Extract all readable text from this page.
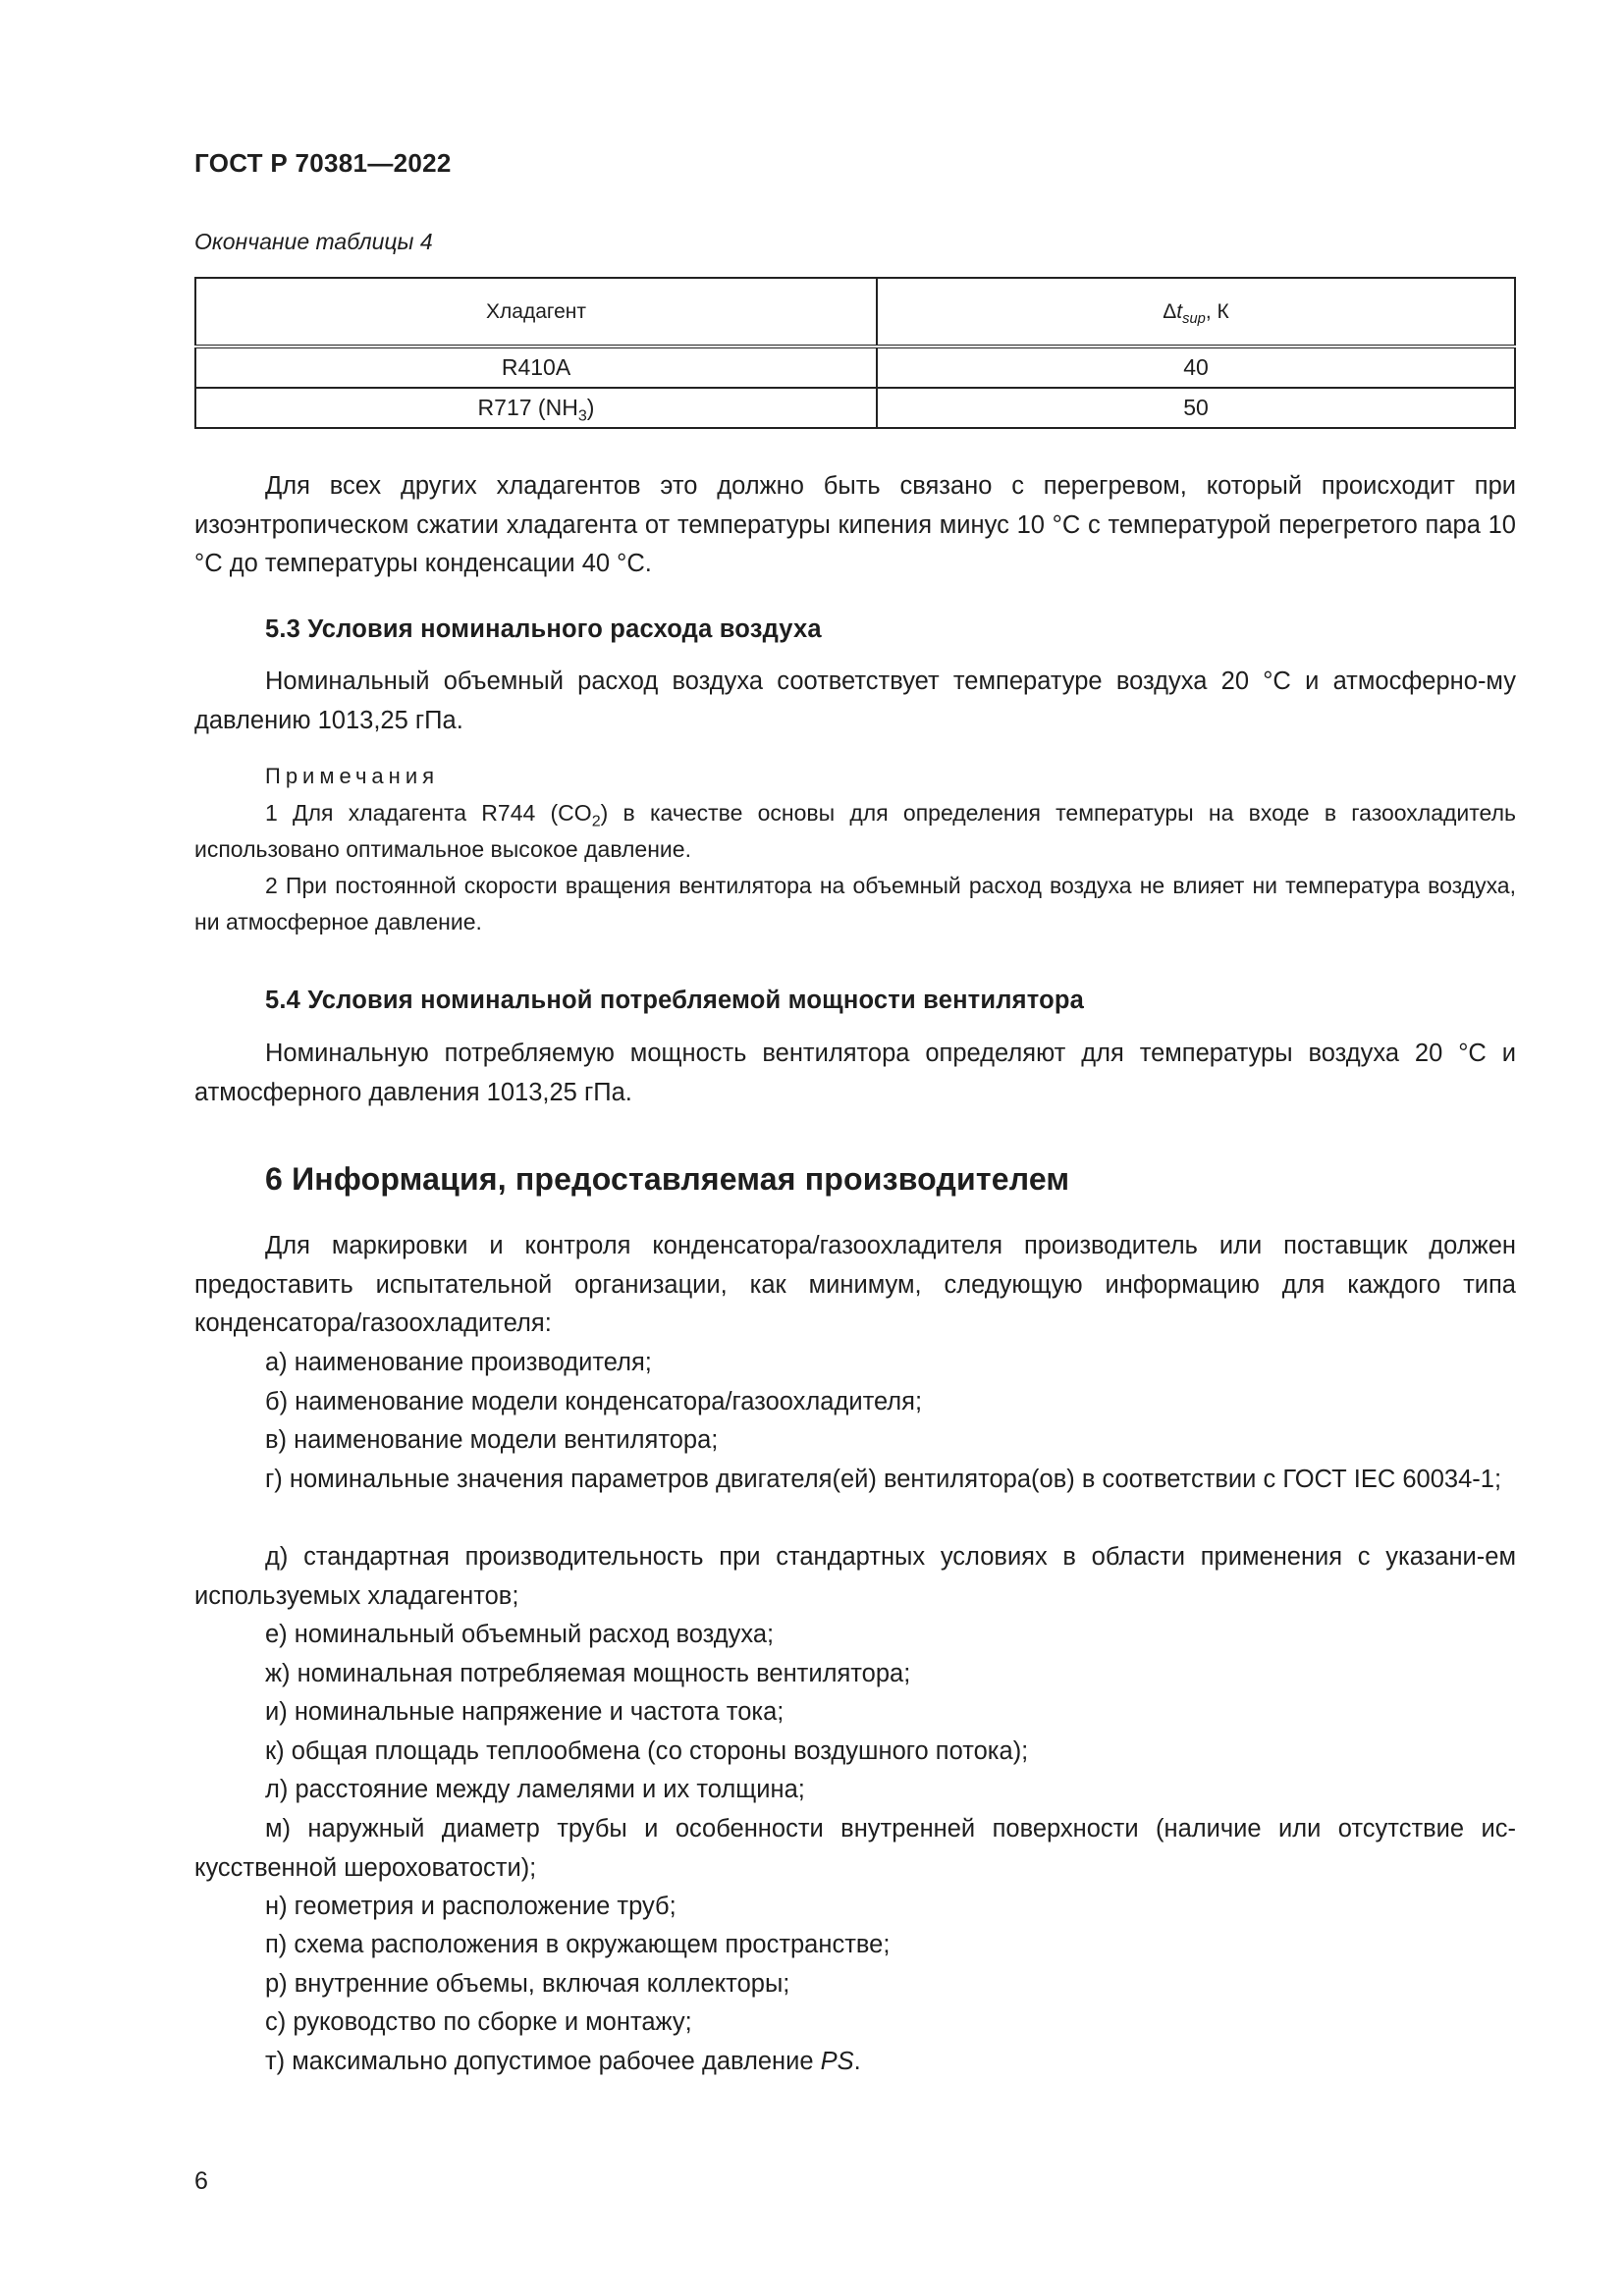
ГОСТ Р 70381—2022
Окончание таблицы 4
Хладагент	$\Delta t_{sup}$, К
R410A	40
R717 $(NH_3)$	50
Для всех других хладагентов это должно быть связано с перегревом, который происходит при изоэнтропическом сжатии хладагента от температуры кипения минус 10 °С с температурой перегретого пара 10 °С до температуры конденсации 40 °С.
5.3 Условия номинального расхода воздуха
Номинальный объемный расход воздуха соответствует температуре воздуха 20 °С и атмосферно-му давлению 1013,25 гПа.
Примечания
1 Для хладагента R744 $(CO_2)$ в качестве основы для определения температуры на входе в газоохладитель использовано оптимальное высокое давление.
2 При постоянной скорости вращения вентилятора на объемный расход воздуха не влияет ни температура воздуха, ни атмосферное давление.
5.4 Условия номинальной потребляемой мощности вентилятора
Номинальную потребляемую мощность вентилятора определяют для температуры воздуха 20 °С и атмосферного давления 1013,25 гПа.
6 Информация, предоставляемая производителем
Для маркировки и контроля конденсатора/газоохладителя производитель или поставщик должен предоставить испытательной организации, как минимум, следующую информацию для каждого типа конденсатора/газоохладителя:
а) наименование производителя;
б) наименование модели конденсатора/газоохладителя;
в) наименование модели вентилятора;
г) номинальные значения параметров двигателя(ей) вентилятора(ов) в соответствии с ГОСТ IEC 60034-1;
д) стандартная производительность при стандартных условиях в области применения с указани-ем используемых хладагентов;
е) номинальный объемный расход воздуха;
ж) номинальная потребляемая мощность вентилятора;
и) номинальные напряжение и частота тока;
к) общая площадь теплообмена (со стороны воздушного потока);
л) расстояние между ламелями и их толщина;
м) наружный диаметр трубы и особенности внутренней поверхности (наличие или отсутствие ис-кусственной шероховатости);
н) геометрия и расположение труб;
п) схема расположения в окружающем пространстве;
р) внутренние объемы, включая коллекторы;
с) руководство по сборке и монтажу;
т) максимально допустимое рабочее давление PS.
6
